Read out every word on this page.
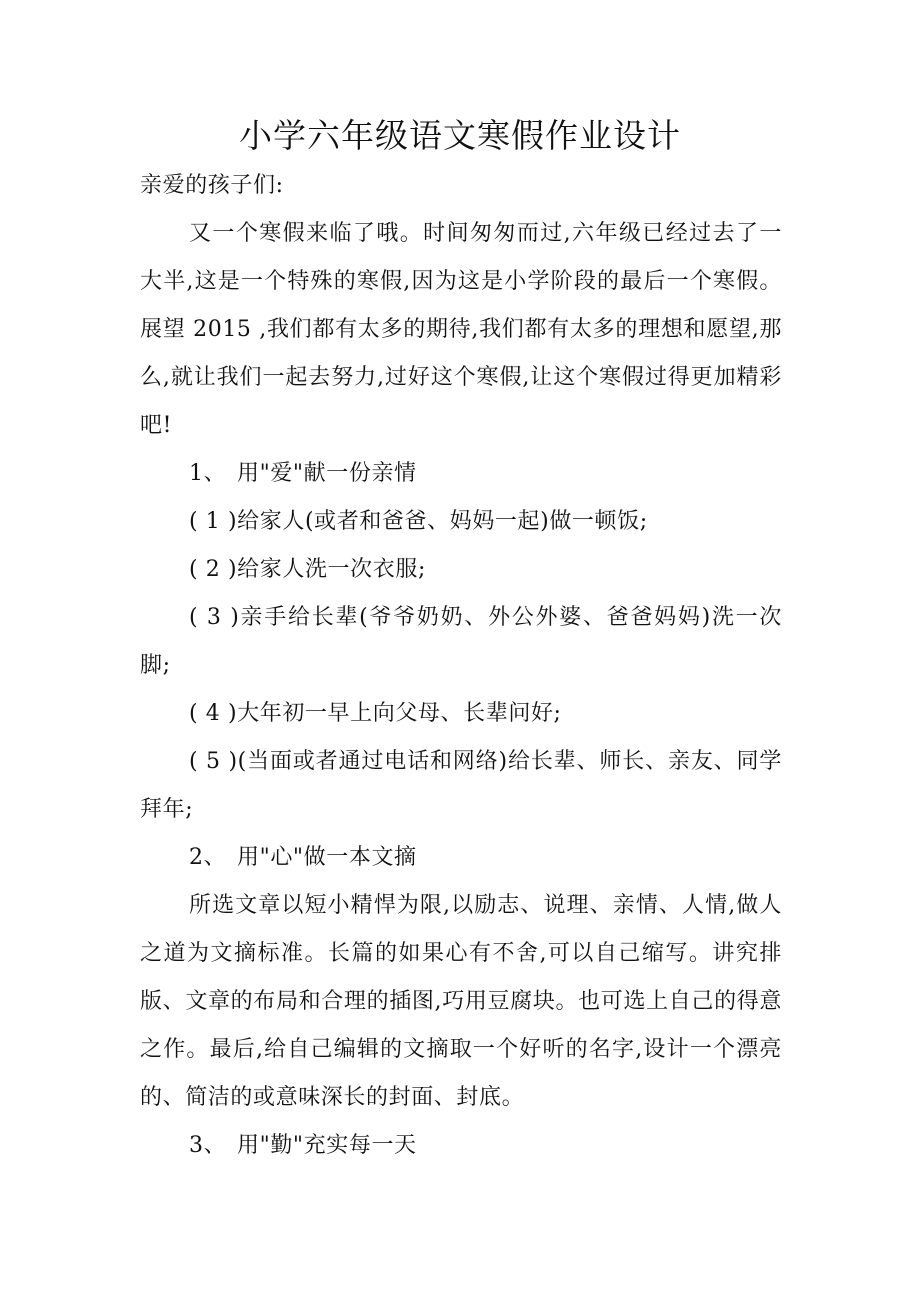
小学六年级语文寒假作业设计

亲爱的孩子们:

又一个寒假来临了哦。时间匆匆而过,六年级已经过去了一大半,这是一个特殊的寒假,因为这是小学阶段的最后一个寒假。展望 2015 ,我们都有太多的期待,我们都有太多的理想和愿望,那么,就让我们一起去努力,过好这个寒假,让这个寒假过得更加精彩吧!

1、 用"爱"献一份亲情

( 1 )给家人(或者和爸爸、妈妈一起)做一顿饭;

( 2 )给家人洗一次衣服;

( 3 )亲手给长辈(爷爷奶奶、外公外婆、爸爸妈妈)洗一次脚;

( 4 )大年初一早上向父母、长辈问好;

( 5 )(当面或者通过电话和网络)给长辈、师长、亲友、同学拜年;

2、 用"心"做一本文摘

所选文章以短小精悍为限,以励志、说理、亲情、人情,做人之道为文摘标准。长篇的如果心有不舍,可以自己缩写。讲究排版、文章的布局和合理的插图,巧用豆腐块。也可选上自己的得意之作。最后,给自己编辑的文摘取一个好听的名字,设计一个漂亮的、简洁的或意味深长的封面、封底。

3、 用"勤"充实每一天
